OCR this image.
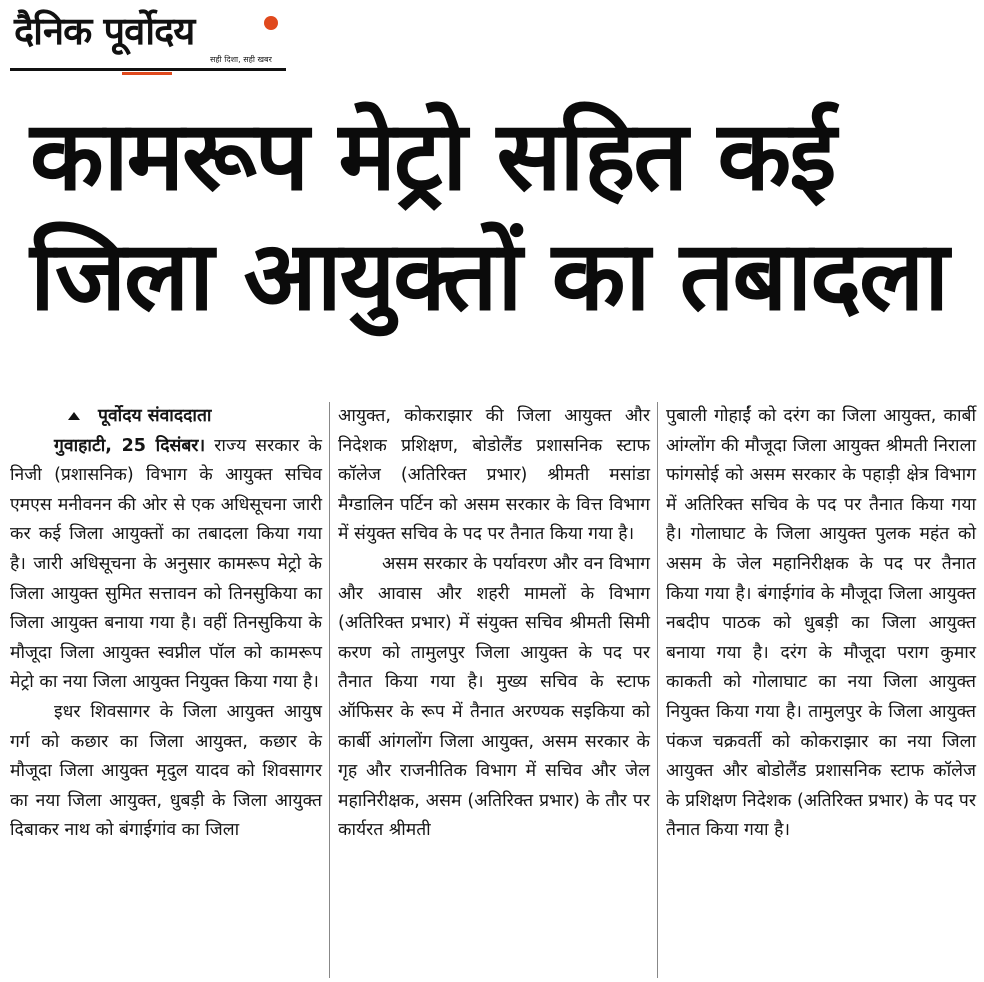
दैनिक पूर्वोदय
सही दिशा, सही खबर
कामरूप मेट्रो सहित कई
जिला आयुक्तों का तबादला

पूर्वोदय संवाददाता

गुवाहाटी, 25 दिसंबर। राज्य सरकार के निजी (प्रशासनिक) विभाग के आयुक्त सचिव एमएस मनीवनन की ओर से एक अधिसूचना जारी कर कई जिला आयुक्तों का तबादला किया गया है। जारी अधिसूचना के अनुसार कामरूप मेट्रो के जिला आयुक्त सुमित सत्तावन को तिनसुकिया का जिला आयुक्त बनाया गया है। वहीं तिनसुकिया के मौजूदा जिला आयुक्त स्वप्नील पॉल को कामरूप मेट्रो का नया जिला आयुक्त नियुक्त किया गया है।

इधर शिवसागर के जिला आयुक्त आयुष गर्ग को कछार का जिला आयुक्त, कछार के मौजूदा जिला आयुक्त मृदुल यादव को शिवसागर का नया जिला आयुक्त, धुबड़ी के जिला आयुक्त दिबाकर नाथ को बंगाईगांव का जिला

आयुक्त, कोकराझार की जिला आयुक्त और निदेशक प्रशिक्षण, बोडोलैंड प्रशासनिक स्टाफ कॉलेज (अतिरिक्त प्रभार) श्रीमती मसांडा मैग्डालिन पर्टिन को असम सरकार के वित्त विभाग में संयुक्त सचिव के पद पर तैनात किया गया है।

असम सरकार के पर्यावरण और वन विभाग और आवास और शहरी मामलों के विभाग (अतिरिक्त प्रभार) में संयुक्त सचिव श्रीमती सिमी करण को तामुलपुर जिला आयुक्त के पद पर तैनात किया गया है। मुख्य सचिव के स्टाफ ऑफिसर के रूप में तैनात अरण्यक सइकिया को कार्बी आंगलोंग जिला आयुक्त, असम सरकार के गृह और राजनीतिक विभाग में सचिव और जेल महानिरीक्षक, असम (अतिरिक्त प्रभार) के तौर पर कार्यरत श्रीमती

पुबाली गोहाईं को दरंग का जिला आयुक्त, कार्बी आंग्लोंग की मौजूदा जिला आयुक्त श्रीमती निराला फांगसोई को असम सरकार के पहाड़ी क्षेत्र विभाग में अतिरिक्त सचिव के पद पर तैनात किया गया है। गोलाघाट के जिला आयुक्त पुलक महंत को असम के जेल महानिरीक्षक के पद पर तैनात किया गया है। बंगाईगांव के मौजूदा जिला आयुक्त नबदीप पाठक को धुबड़ी का जिला आयुक्त बनाया गया है। दरंग के मौजूदा पराग कुमार काकती को गोलाघाट का नया जिला आयुक्त नियुक्त किया गया है। तामुलपुर के जिला आयुक्त पंकज चक्रवर्ती को कोकराझार का नया जिला आयुक्त और बोडोलैंड प्रशासनिक स्टाफ कॉलेज के प्रशिक्षण निदेशक (अतिरिक्त प्रभार) के पद पर तैनात किया गया है।
